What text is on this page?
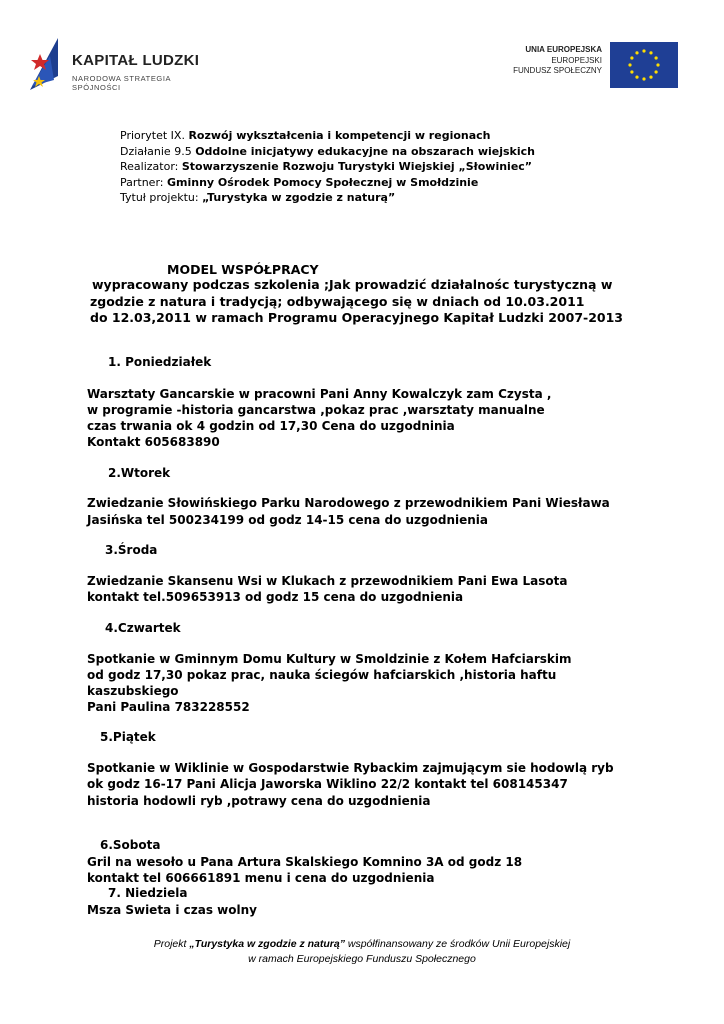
KAPITAŁ LUDZKI
NARODOWA STRATEGIA SPÓJNOŚCI
UNIA EUROPEJSKA
EUROPEJSKI
FUNDUSZ SPOŁECZNY
Priorytet IX. Rozwój wykształcenia i kompetencji w regionach
Działanie 9.5 Oddolne inicjatywy edukacyjne na obszarach wiejskich
Realizator: Stowarzyszenie Rozwoju Turystyki Wiejskiej „Słowiniec”
Partner: Gminny Ośrodek Pomocy Społecznej w Smołdzinie
Tytuł projektu: „Turystyka w zgodzie z naturą”
MODEL WSPÓŁPRACY
wypracowany podczas szkolenia ;Jak prowadzić działalnośc turystyczną w
zgodzie z natura i tradycją; odbywającego się w dniach od 10.03.2011
do 12.03,2011 w ramach Programu Operacyjnego Kapitał Ludzki 2007-2013
1. Poniedziałek
Warsztaty Gancarskie w pracowni Pani Anny Kowalczyk zam Czysta ,
w programie -historia gancarstwa ,pokaz prac ,warsztaty manualne
czas trwania ok 4 godzin od 17,30 Cena do uzgodninia
Kontakt 605683890
2.Wtorek
Zwiedzanie Słowińskiego Parku Narodowego z przewodnikiem Pani Wiesława
Jasińska tel 500234199 od godz 14-15 cena do uzgodnienia
3.Środa
Zwiedzanie Skansenu Wsi w Klukach z przewodnikiem Pani Ewa Lasota
kontakt tel.509653913 od godz 15 cena do uzgodnienia
4.Czwartek
Spotkanie w Gminnym Domu Kultury w Smoldzinie z Kołem Hafciarskim
od godz 17,30 pokaz prac, nauka ściegów hafciarskich ,historia haftu
kaszubskiego
Pani Paulina 783228552
5.Piątek
Spotkanie w Wiklinie w Gospodarstwie Rybackim zajmującym sie hodowlą ryb
ok godz 16-17 Pani Alicja Jaworska Wiklino 22/2 kontakt tel 608145347
historia hodowli ryb ,potrawy cena do uzgodnienia
6.Sobota
Gril na wesoło u Pana Artura Skalskiego Komnino 3A od godz 18
kontakt tel 606661891 menu i cena do uzgodnienia
7. Niedziela
Msza Swieta i czas wolny
Projekt „Turystyka w zgodzie z naturą” współfinansowany ze środków Unii Europejskiej
w ramach Europejskiego Funduszu Społecznego
